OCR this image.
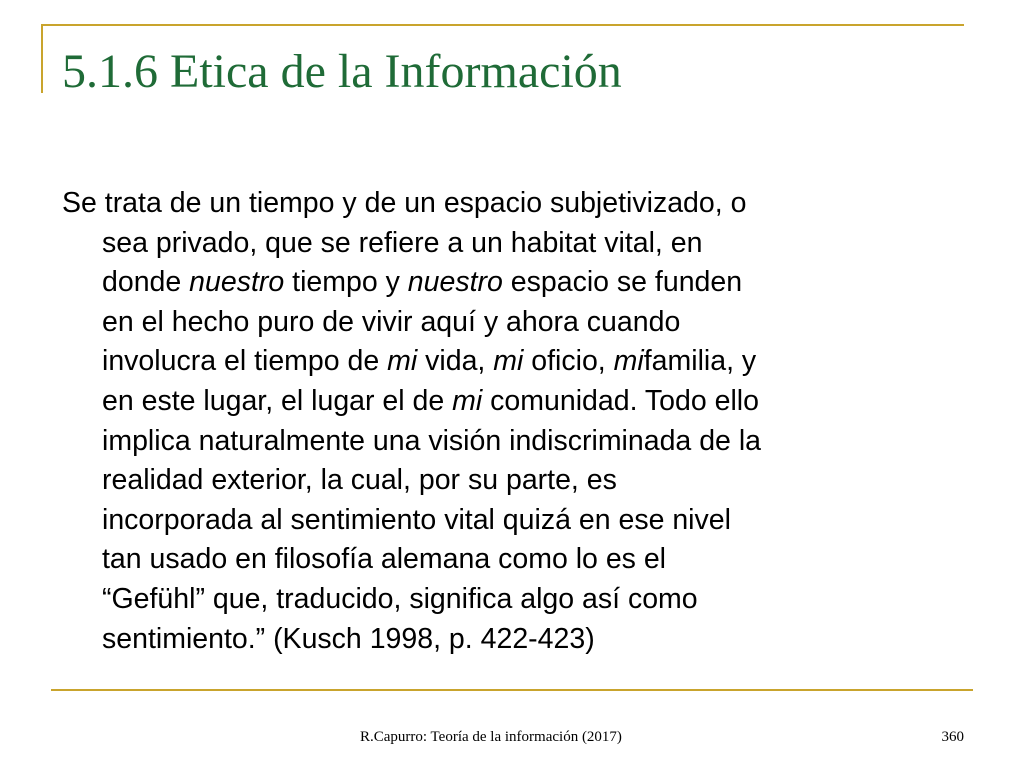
5.1.6 Etica de la Información
Se trata de un tiempo y de un espacio subjetivizado, o
sea privado, que se refiere a un habitat vital, en
donde nuestro tiempo y nuestro espacio se funden
en el hecho puro de vivir aquí y ahora cuando
involucra el tiempo de mi vida, mi oficio, mifamilia, y
en este lugar, el lugar el de mi comunidad. Todo ello
implica naturalmente una visión indiscriminada de la
realidad exterior, la cual, por su parte, es
incorporada al sentimiento vital quizá en ese nivel
tan usado en filosofía alemana como lo es el
“Gefühl” que, traducido, significa algo así como
sentimiento.” (Kusch 1998, p. 422-423)

R.Capurro: Teoría de la información (2017)	360
